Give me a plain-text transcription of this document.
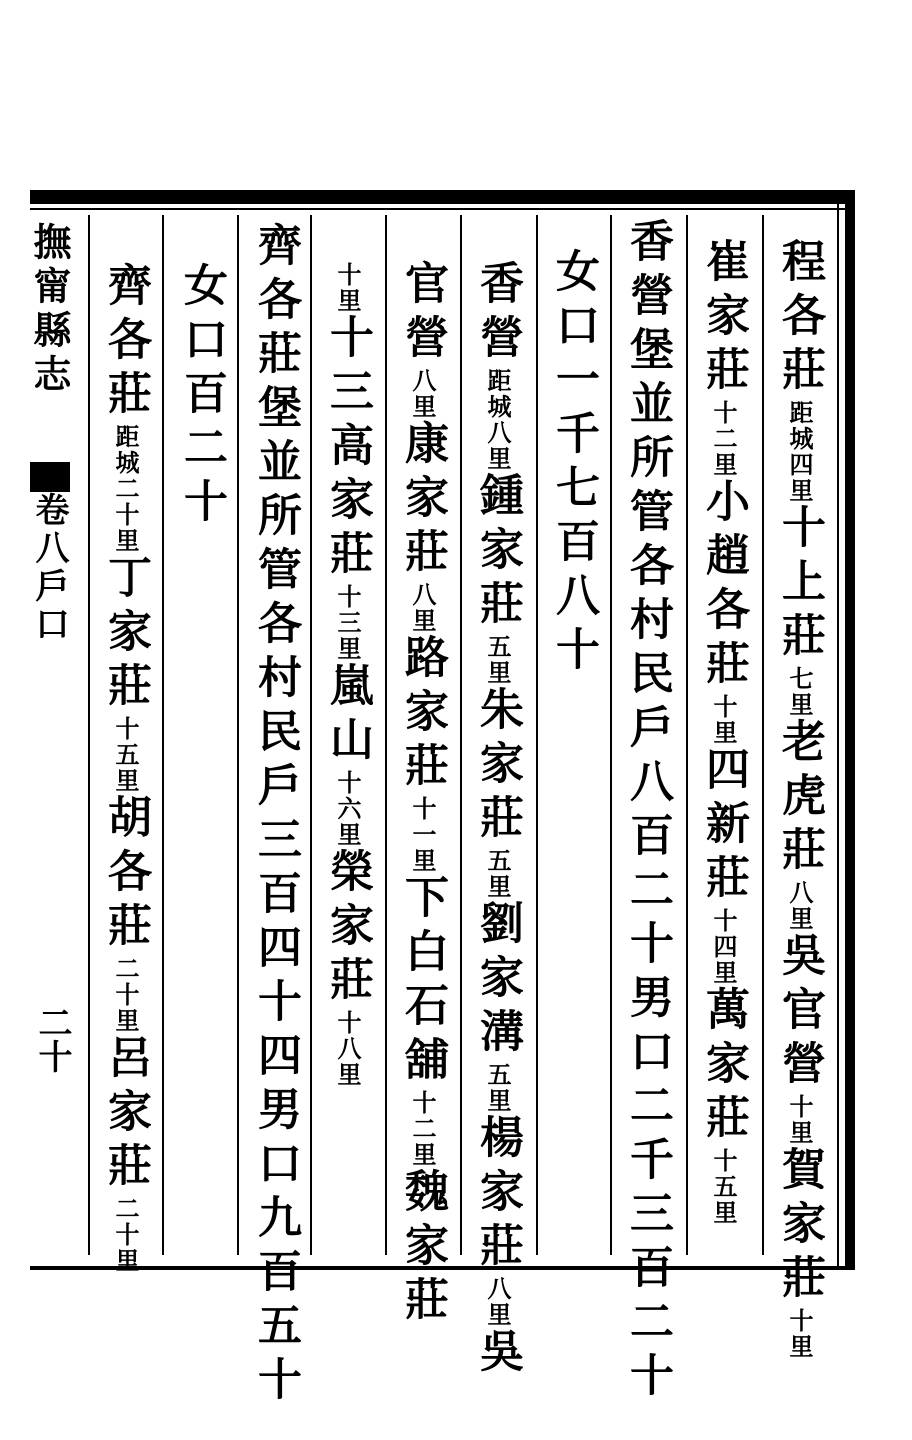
程各莊距城四里十上莊七里老虎莊八里吳官營十里賀家莊十里
崔家莊十二里小趙各莊十里四新莊十四里萬家莊十五里
香營堡並所管各村民戶八百二十男口二千三百二十
女口一千七百八十
香營距城八里鍾家莊五里朱家莊五里劉家溝五里楊家莊八里吳
官營八里康家莊八里路家莊十一里下白石舖十二里魏家莊
十里十三高家莊十三里嵐山十六里榮家莊十八里
齊各莊堡並所管各村民戶三百四十四男口九百五十
女口百二十
齊各莊距城二十里丁家莊十五里胡各莊二十里呂家莊二十里
撫甯縣志
卷八戶口
二十
